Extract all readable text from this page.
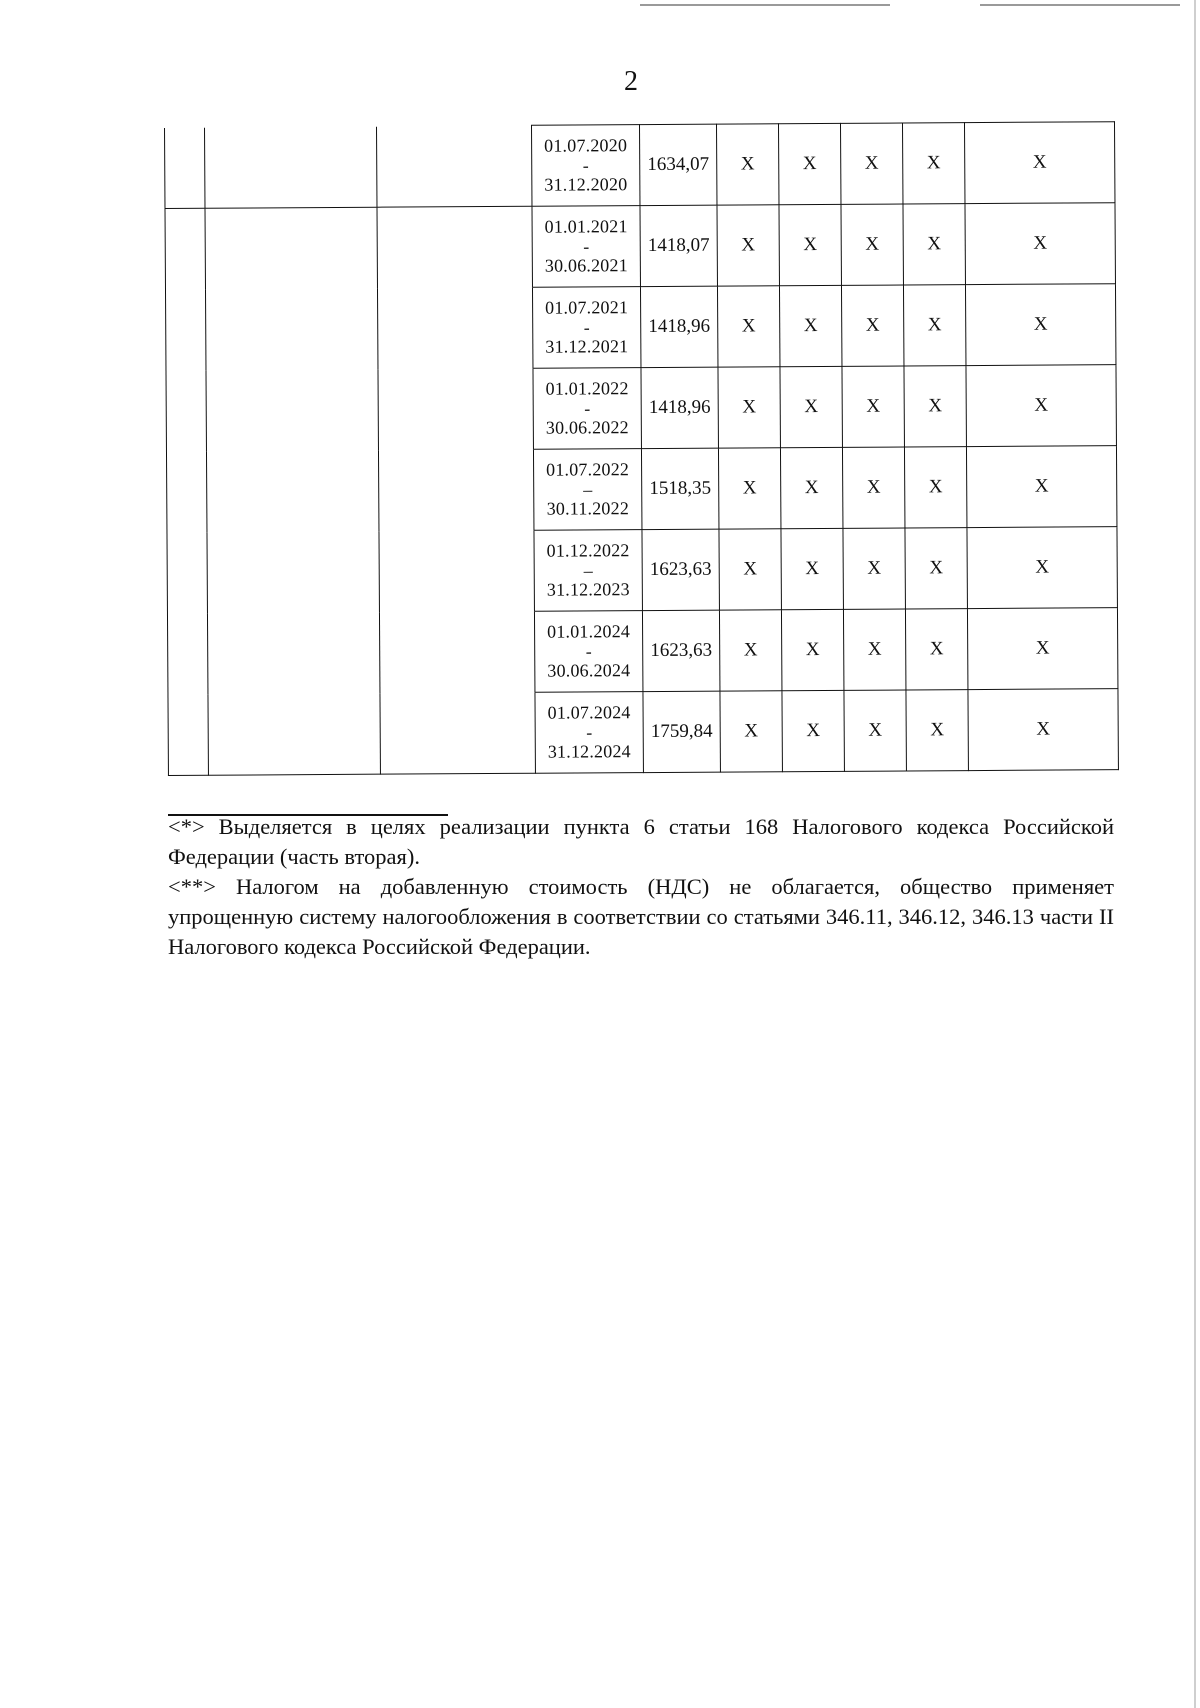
2

			01.07.2020
-
31.12.2020	1634,07	Х	Х	Х	Х	Х

			01.01.2021
-
30.06.2021	1418,07	Х	Х	Х	Х	Х

			01.07.2021
-
31.12.2021	1418,96	Х	Х	Х	Х	Х

			01.01.2022
-
30.06.2022	1418,96	Х	Х	Х	Х	Х

			01.07.2022
–
30.11.2022	1518,35	Х	Х	Х	Х	Х

			01.12.2022
–
31.12.2023	1623,63	Х	Х	Х	Х	Х

			01.01.2024
-
30.06.2024	1623,63	Х	Х	Х	Х	Х

			01.07.2024
-
31.12.2024	1759,84	Х	Х	Х	Х	Х

<*> Выделяется в целях реализации пункта 6 статьи 168 Налогового кодекса Российской Федерации (часть вторая).

<**> Налогом на добавленную стоимость (НДС) не облагается, общество применяет упрощенную систему налогообложения в соответствии со статьями 346.11, 346.12, 346.13 части II Налогового кодекса Российской Федерации.
